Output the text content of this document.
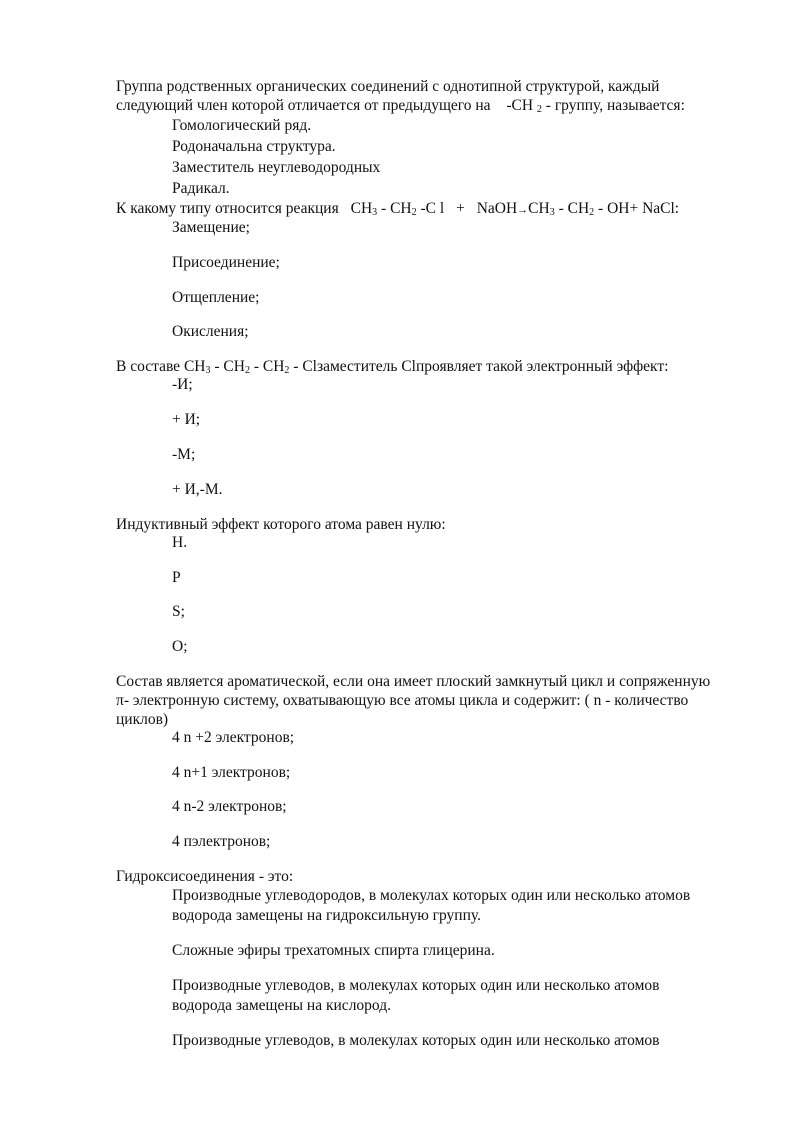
Группа родственных органических соединений с однотипной структурой, каждый
следующий член которой отличается от предыдущего на -CH $_2$ - группу, называется:
Гомологический ряд.
Родоначальна структура.
Заместитель неуглеводородных
Радикал.
К какому типу относится реакция $CH_3 - CH_2$ -C $l + NaOH\to CH_3 - CH_2 - OH+$ NaCl:
Замещение;
Присоединение;
Отщепление;
Окисления;
В составе $CH_3 - CH_2 - CH_2$ - Clзаместитель Clпроявляет такой электронный эффект:
-И;
+ И;
-М;
+ И,-М.
Индуктивный эффект которого атома равен нулю:
Н.
Р
S;
O;
Состав является ароматической, если она имеет плоский замкнутый цикл и сопряженную
π- электронную систему, охватывающую все атомы цикла и содержит: ( n - количество
циклов)
4 n +2 электронов;
4 n+1 электронов;
4 n-2 электронов;
4 пэлектронов;
Гидроксисоединения - это:
Производные углеводородов, в молекулах которых один или несколько атомов
водорода замещены на гидроксильную группу.
Сложные эфиры трехатомных спирта глицерина.
Производные углеводов, в молекулах которых один или несколько атомов
водорода замещены на кислород.
Производные углеводов, в молекулах которых один или несколько атомов
